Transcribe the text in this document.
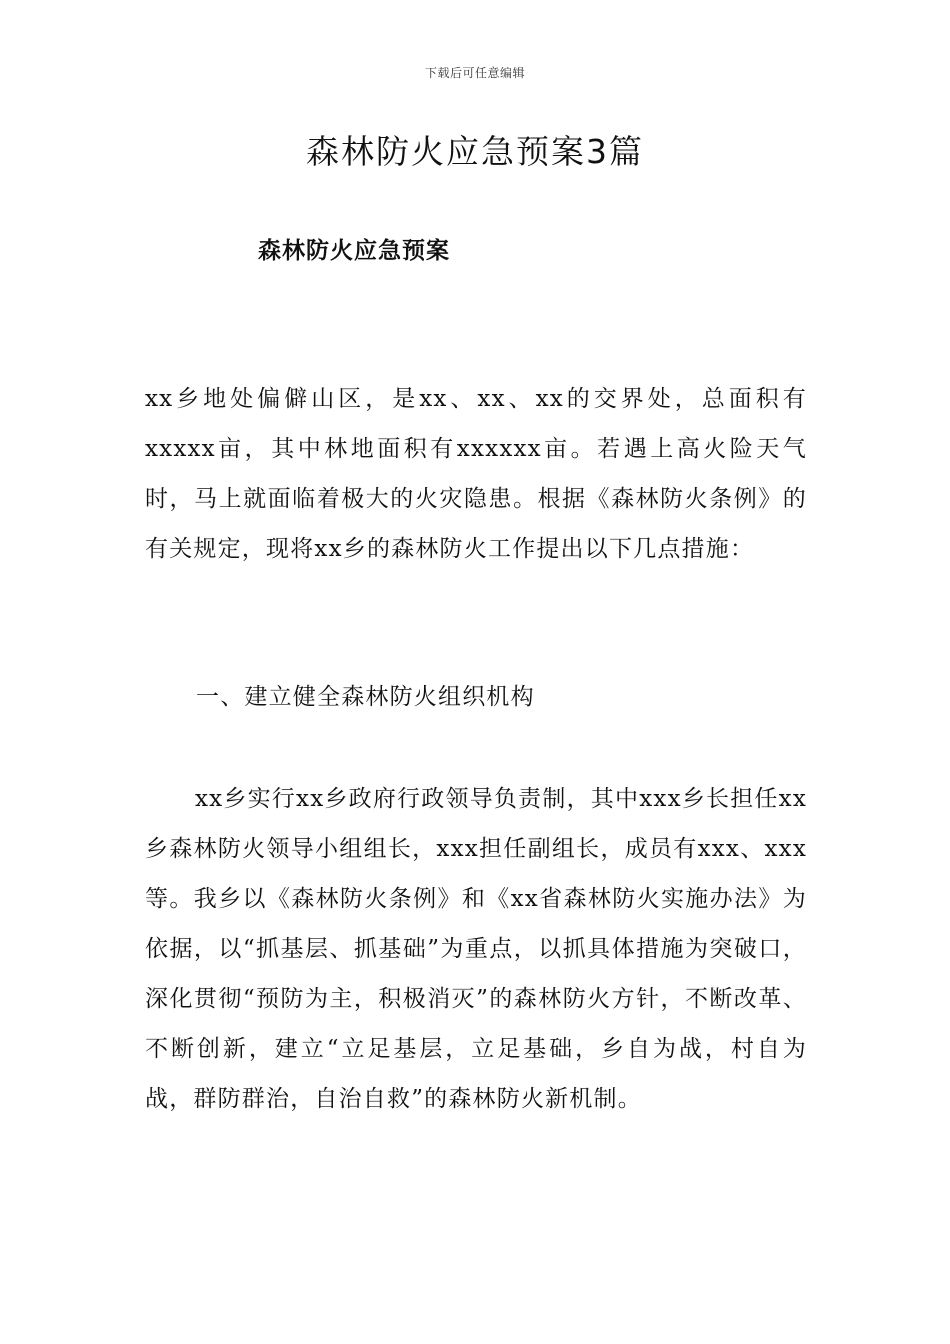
下载后可任意编辑
森林防火应急预案3篇
森林防火应急预案

xx乡地处偏僻山区，是xx、xx、xx的交界处，总面积有xxxxx亩，其中林地面积有xxxxxx亩。若遇上高火险天气时，马上就面临着极大的火灾隐患。根据《森林防火条例》的有关规定，现将xx乡的森林防火工作提出以下几点措施：

一、建立健全森林防火组织机构

xx乡实行xx乡政府行政领导负责制，其中xxx乡长担任xx乡森林防火领导小组组长，xxx担任副组长，成员有xxx、xxx等。我乡以《森林防火条例》和《xx省森林防火实施办法》为依据，以“抓基层、抓基础”为重点，以抓具体措施为突破口，深化贯彻“预防为主，积极消灭”的森林防火方针，不断改革、不断创新，建立“立足基层，立足基础，乡自为战，村自为战，群防群治，自治自救”的森林防火新机制。
